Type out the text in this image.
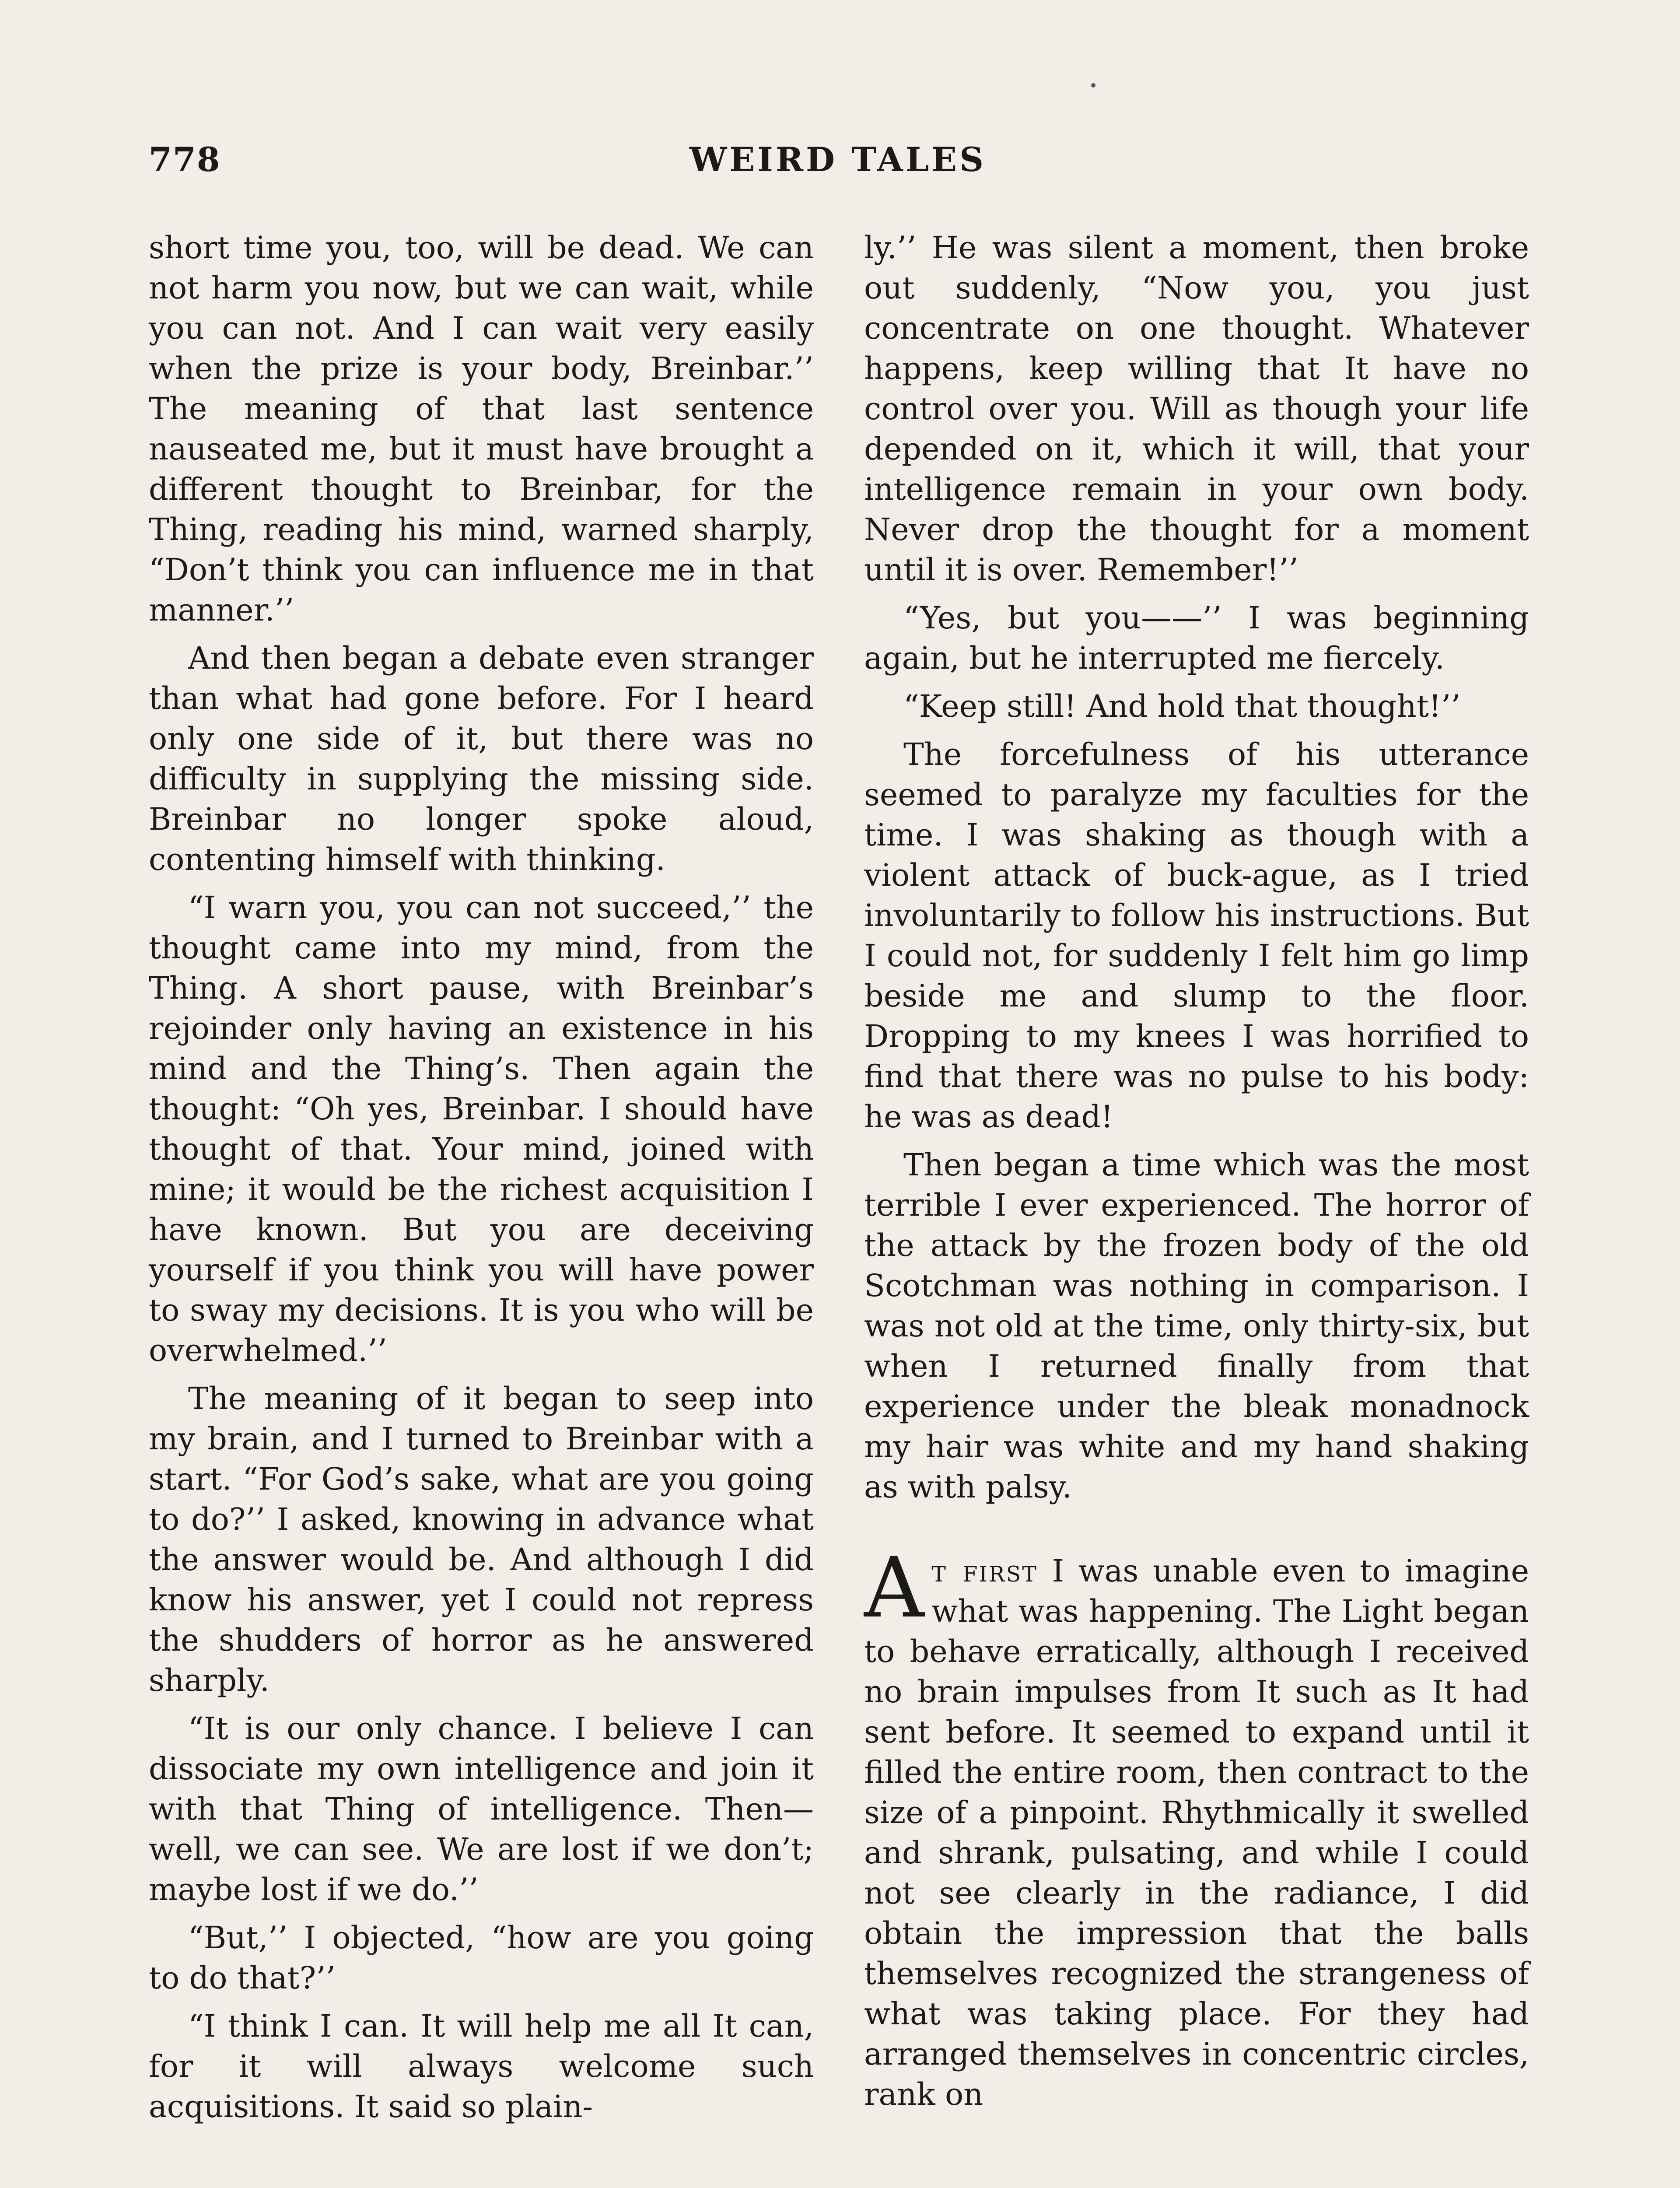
778	WEIRD TALES

short time you, too, will be dead. We can not harm you now, but we can wait, while you can not. And I can wait very easily when the prize is your body, Breinbar.’’ The meaning of that last sentence nauseated me, but it must have brought a different thought to Breinbar, for the Thing, reading his mind, warned sharply, “Don’t think you can influence me in that manner.’’

And then began a debate even stranger than what had gone before. For I heard only one side of it, but there was no difficulty in supplying the missing side. Breinbar no longer spoke aloud, contenting himself with thinking.

“I warn you, you can not succeed,’’ the thought came into my mind, from the Thing. A short pause, with Breinbar’s rejoinder only having an existence in his mind and the Thing’s. Then again the thought: “Oh yes, Breinbar. I should have thought of that. Your mind, joined with mine; it would be the richest acquisition I have known. But you are deceiving yourself if you think you will have power to sway my decisions. It is you who will be overwhelmed.’’

The meaning of it began to seep into my brain, and I turned to Breinbar with a start. “For God’s sake, what are you going to do?’’ I asked, knowing in advance what the answer would be. And although I did know his answer, yet I could not repress the shudders of horror as he answered sharply.

“It is our only chance. I believe I can dissociate my own intelligence and join it with that Thing of intelligence. Then—well, we can see. We are lost if we don’t; maybe lost if we do.’’

“But,’’ I objected, “how are you going to do that?’’

“I think I can. It will help me all It can, for it will always welcome such acquisitions. It said so plain-

ly.’’ He was silent a moment, then broke out suddenly, “Now you, you just concentrate on one thought. Whatever happens, keep willing that It have no control over you. Will as though your life depended on it, which it will, that your intelligence remain in your own body. Never drop the thought for a moment until it is over. Remember!’’

“Yes, but you——’’ I was beginning again, but he interrupted me fiercely.

“Keep still! And hold that thought!’’

The forcefulness of his utterance seemed to paralyze my faculties for the time. I was shaking as though with a violent attack of buck-ague, as I tried involuntarily to follow his instructions. But I could not, for suddenly I felt him go limp beside me and slump to the floor. Dropping to my knees I was horrified to find that there was no pulse to his body: he was as dead!

Then began a time which was the most terrible I ever experienced. The horror of the attack by the frozen body of the old Scotchman was nothing in comparison. I was not old at the time, only thirty-six, but when I returned finally from that experience under the bleak monadnock my hair was white and my hand shaking as with palsy.

At first I was unable even to imagine what was happening. The Light began to behave erratically, although I received no brain impulses from It such as It had sent before. It seemed to expand until it filled the entire room, then contract to the size of a pinpoint. Rhythmically it swelled and shrank, pulsating, and while I could not see clearly in the radiance, I did obtain the impression that the balls themselves recognized the strangeness of what was taking place. For they had arranged themselves in concentric circles, rank on
